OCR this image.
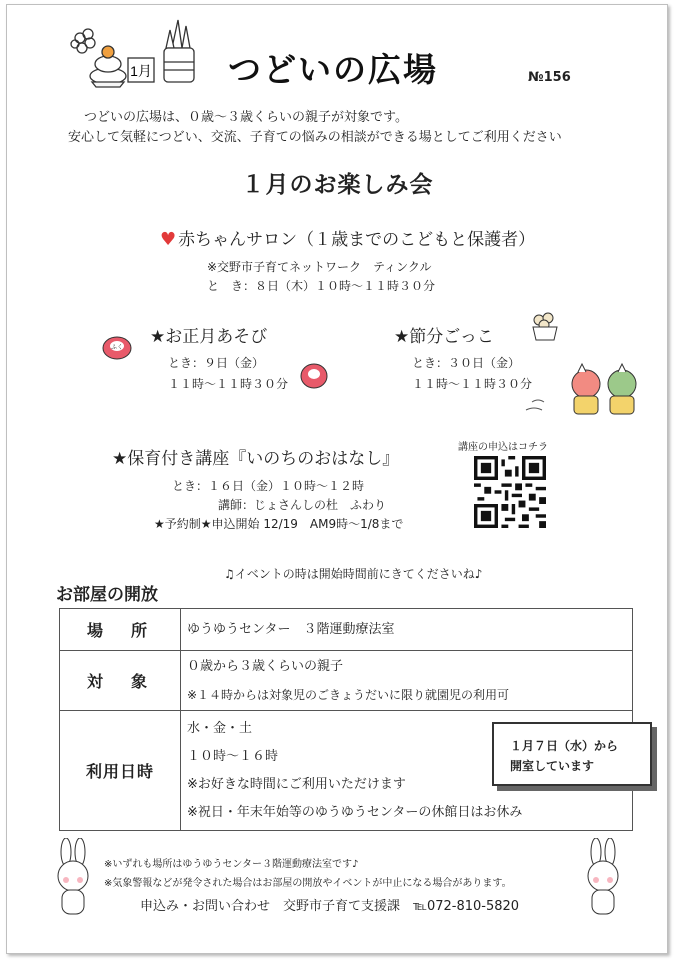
1月 つどいの広場	№156
つどいの広場は、０歳～３歳くらいの親子が対象です。
安心して気軽につどい、交流、子育ての悩みの相談ができる場としてご利用ください
１月のお楽しみ会
♥ 赤ちゃんサロン（１歳までのこどもと保護者）
※交野市子育てネットワーク　ティンクル
と　き：８日（木）１０時～１１時３０分
ふく
★お正月あそび
とき：９日（金）
１１時～１１時３０分
★節分ごっこ
とき：３０日（金）
１１時～１１時３０分
★保育付き講座『いのちのおはなし』
とき：１６日（金）１０時～１２時
講師：じょさんしの杜　ふわり
★予約制★申込開始 12/19　AM9時～1/8まで
講座の申込はコチラ
♫イベントの時は開始時間前にきてくださいね♪
お部屋の開放
場　所	ゆうゆうセンター　３階運動療法室

対　象	０歳から３歳くらいの親子
※１４時からは対象児のごきょうだいに限り就園児の利用可

利用日時	水・金・土
１０時～１６時
※お好きな時間にご利用いただけます
※祝日・年末年始等のゆうゆうセンターの休館日はお休み
１月７日（水）から
開室しています
※いずれも場所はゆうゆうセンター３階運動療法室です♪
※気象警報などが発令された場合はお部屋の開放やイベントが中止になる場合があります。
申込み・お問い合わせ　交野市子育て支援課　℡072-810-5820
